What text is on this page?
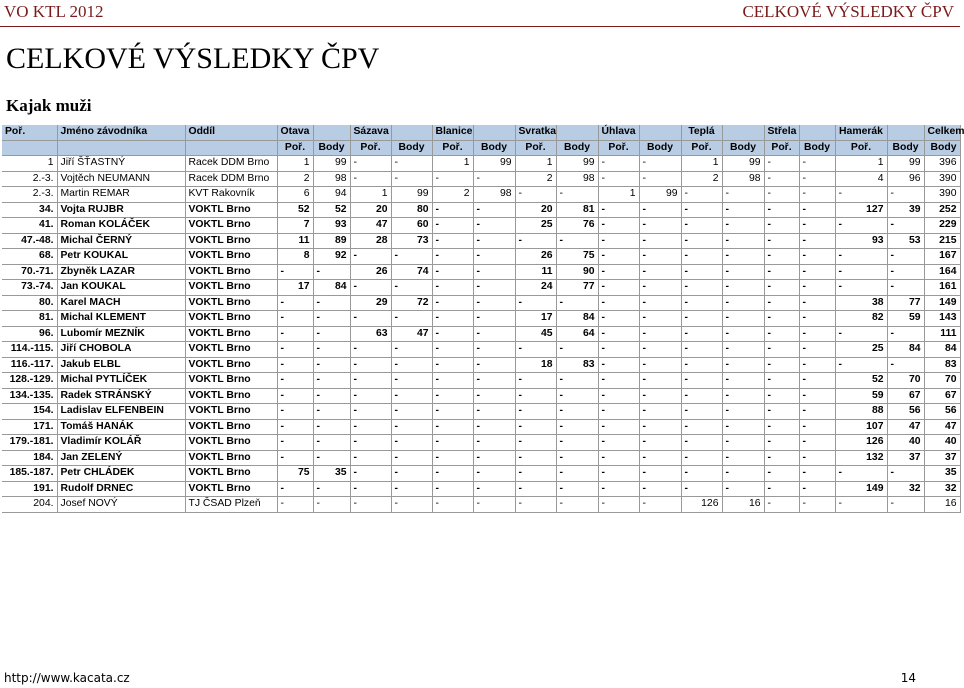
VO KTL 2012	CELKOVÉ VÝSLEDKY ČPV
CELKOVÉ VÝSLEDKY ČPV
Kajak muži
Poř.	Jméno závodníka	Oddíl	Otava		Sázava		Blanice		Svratka		Úhlava		Teplá		Střela		Hamerák		Celkem
			Poř.	Body	Poř.	Body	Poř.	Body	Poř.	Body	Poř.	Body	Poř.	Body	Poř.	Body	Poř.	Body	Body
1	Jiří ŠŤASTNÝ	Racek DDM Brno	1	99	-	-	1	99	1	99	-	-	1	99	-	-	1	99	396
2.-3.	Vojtěch NEUMANN	Racek DDM Brno	2	98	-	-	-	-	2	98	-	-	2	98	-	-	4	96	390
2.-3.	Martin REMAR	KVT Rakovník	6	94	1	99	2	98	-	-	1	99	-	-	-	-	-	-	390
34.	Vojta RUJBR	VOKTL Brno	52	52	20	80	-	-	20	81	-	-	-	-	-	-	127	39	252
41.	Roman KOLÁČEK	VOKTL Brno	7	93	47	60	-	-	25	76	-	-	-	-	-	-	-	-	229
47.-48.	Michal ČERNÝ	VOKTL Brno	11	89	28	73	-	-	-	-	-	-	-	-	-	-	93	53	215
68.	Petr KOUKAL	VOKTL Brno	8	92	-	-	-	-	26	75	-	-	-	-	-	-	-	-	167
70.-71.	Zbyněk LAZAR	VOKTL Brno	-	-	26	74	-	-	11	90	-	-	-	-	-	-	-	-	164
73.-74.	Jan KOUKAL	VOKTL Brno	17	84	-	-	-	-	24	77	-	-	-	-	-	-	-	-	161
80.	Karel MACH	VOKTL Brno	-	-	29	72	-	-	-	-	-	-	-	-	-	-	38	77	149
81.	Michal KLEMENT	VOKTL Brno	-	-	-	-	-	-	17	84	-	-	-	-	-	-	82	59	143
96.	Lubomír MEZNÍK	VOKTL Brno	-	-	63	47	-	-	45	64	-	-	-	-	-	-	-	-	111
114.-115.	Jiří CHOBOLA	VOKTL Brno	-	-	-	-	-	-	-	-	-	-	-	-	-	-	25	84	84
116.-117.	Jakub ELBL	VOKTL Brno	-	-	-	-	-	-	18	83	-	-	-	-	-	-	-	-	83
128.-129.	Michal PYTLÍČEK	VOKTL Brno	-	-	-	-	-	-	-	-	-	-	-	-	-	-	52	70	70
134.-135.	Radek STRÁNSKÝ	VOKTL Brno	-	-	-	-	-	-	-	-	-	-	-	-	-	-	59	67	67
154.	Ladislav ELFENBEIN	VOKTL Brno	-	-	-	-	-	-	-	-	-	-	-	-	-	-	88	56	56
171.	Tomáš HANÁK	VOKTL Brno	-	-	-	-	-	-	-	-	-	-	-	-	-	-	107	47	47
179.-181.	Vladimír KOLÁŘ	VOKTL Brno	-	-	-	-	-	-	-	-	-	-	-	-	-	-	126	40	40
184.	Jan ZELENÝ	VOKTL Brno	-	-	-	-	-	-	-	-	-	-	-	-	-	-	132	37	37
185.-187.	Petr CHLÁDEK	VOKTL Brno	75	35	-	-	-	-	-	-	-	-	-	-	-	-	-	-	35
191.	Rudolf DRNEC	VOKTL Brno	-	-	-	-	-	-	-	-	-	-	-	-	-	-	149	32	32
204.	Josef NOVÝ	TJ ČSAD Plzeň	-	-	-	-	-	-	-	-	-	-	126	16	-	-	-	-	16
http://www.kacata.cz	14
